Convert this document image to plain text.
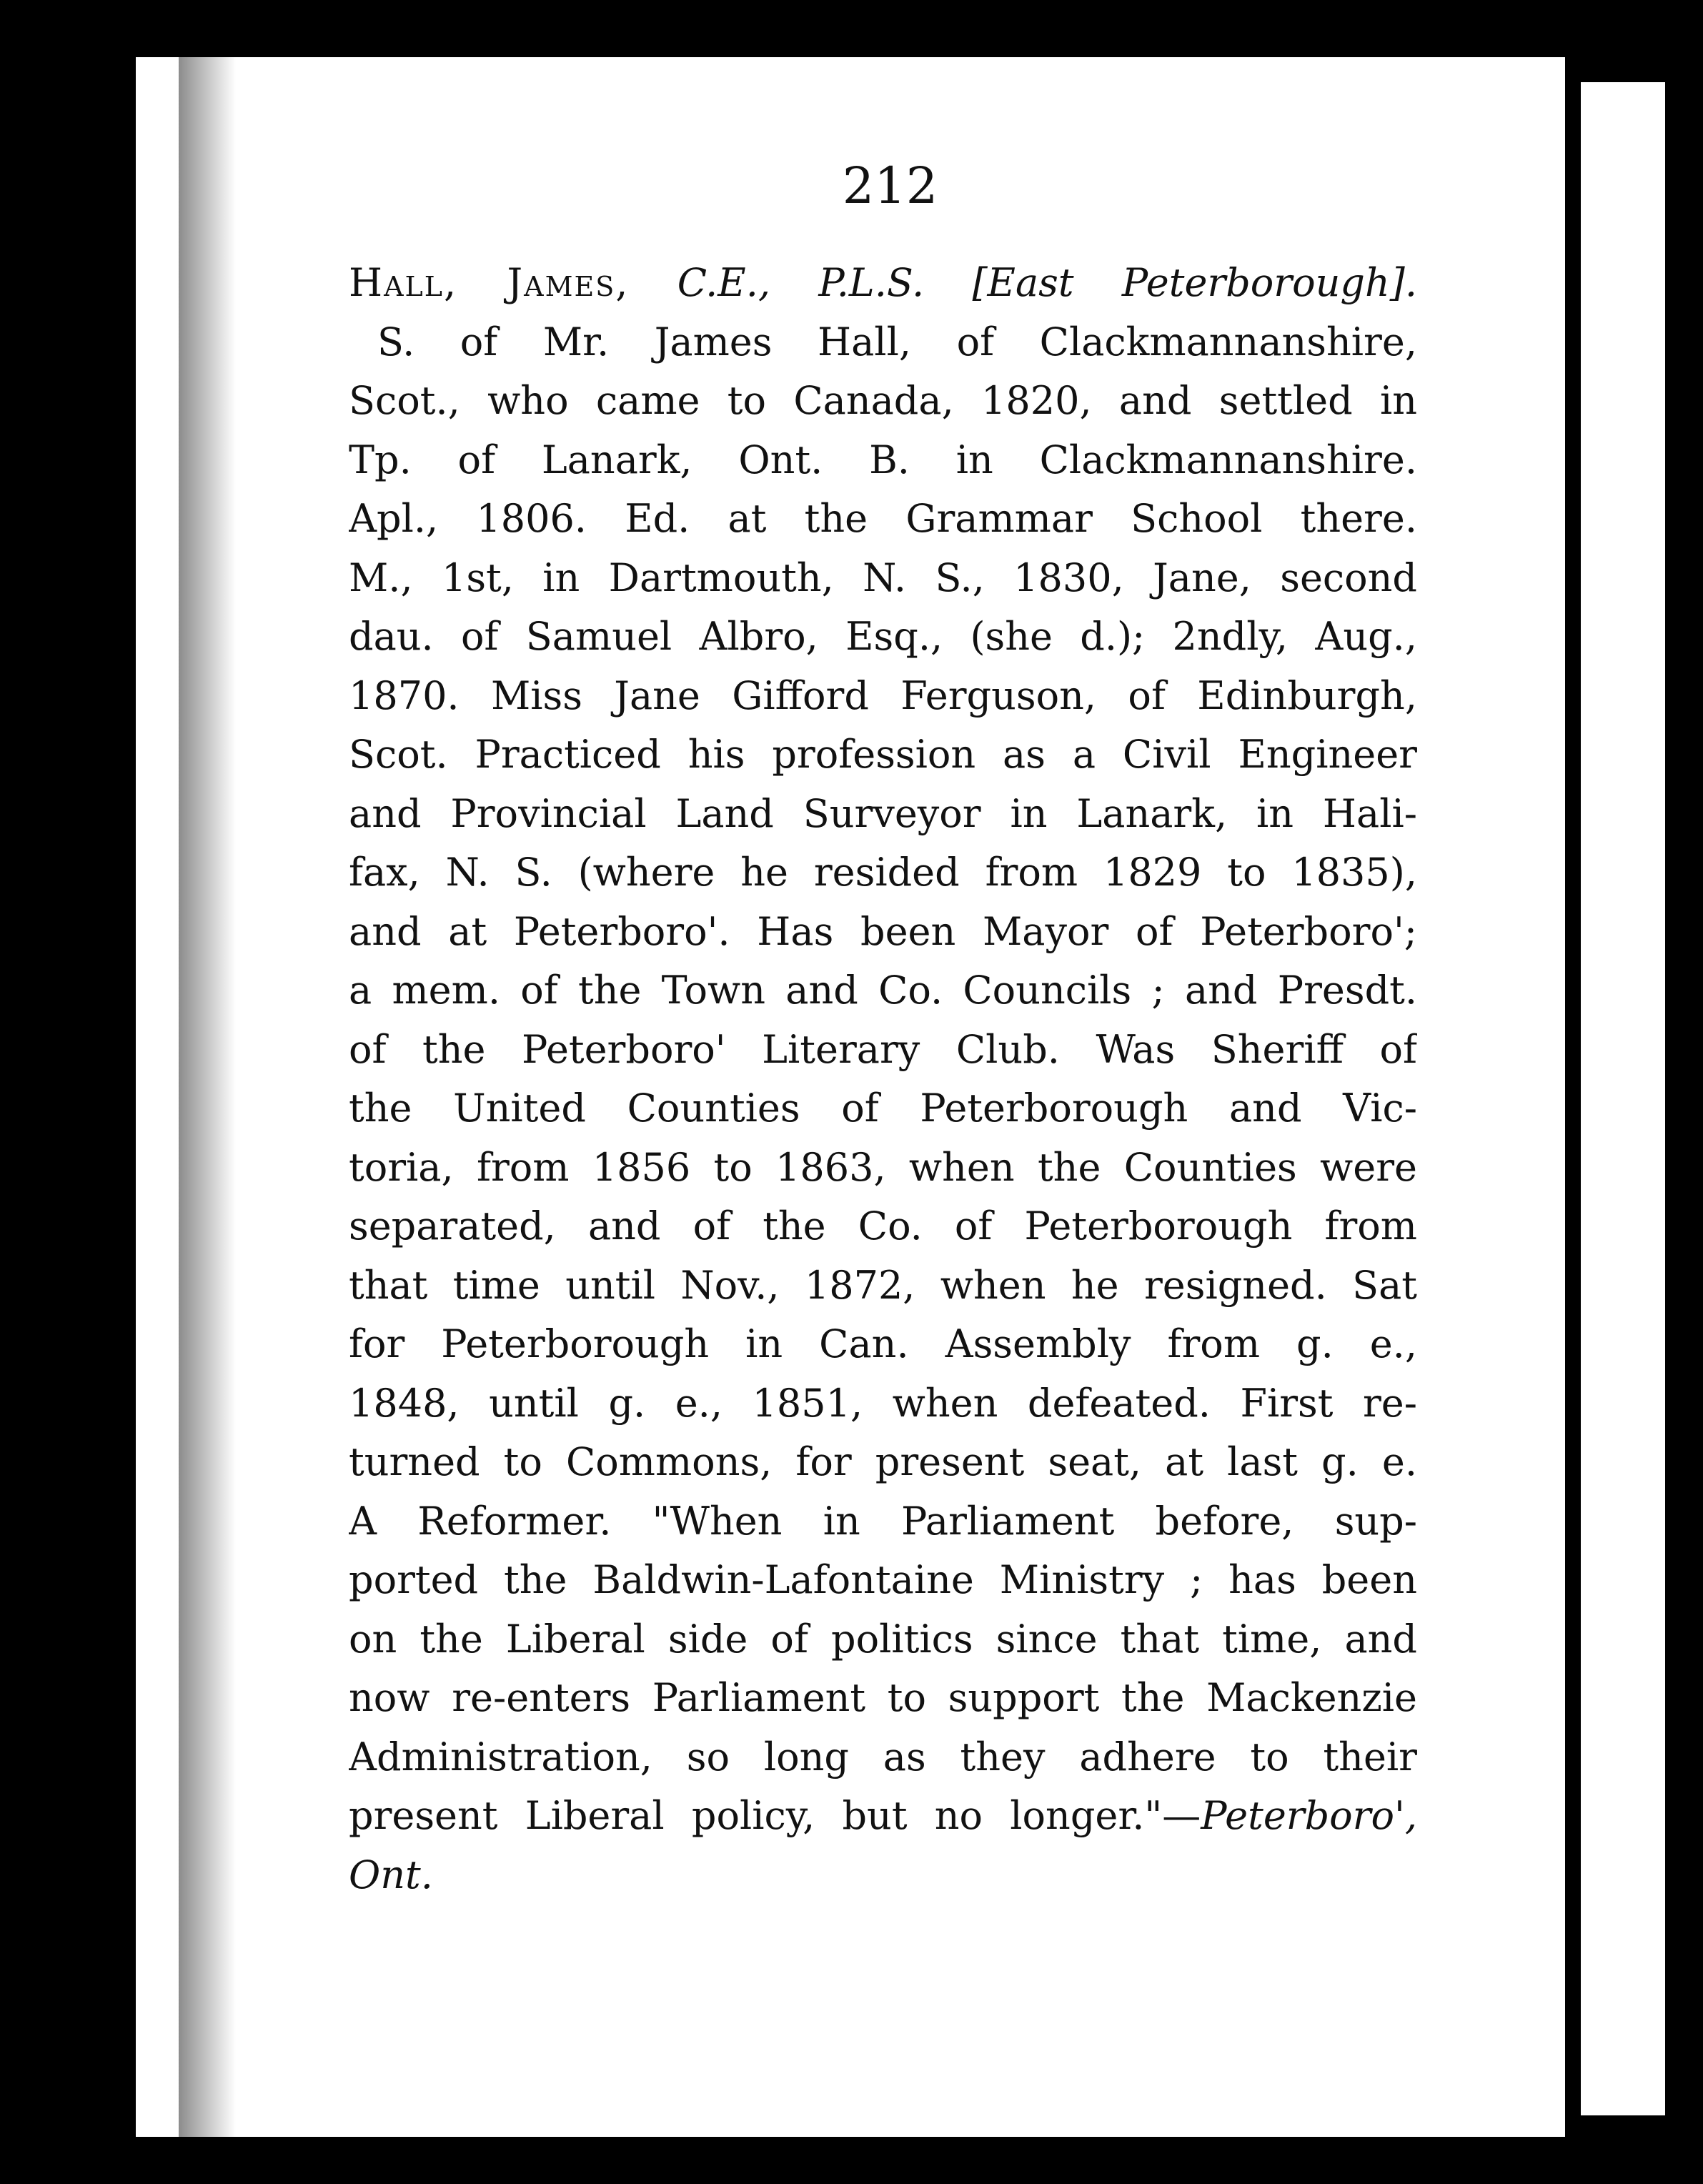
212
Hall, James, C.E., P.L.S. [East Peterborough].
S. of Mr. James Hall, of Clackmannanshire,
Scot., who came to Canada, 1820, and settled in
Tp. of Lanark, Ont. B. in Clackmannanshire.
Apl., 1806. Ed. at the Grammar School there.
M., 1st, in Dartmouth, N. S., 1830, Jane, second
dau. of Samuel Albro, Esq., (she d.); 2ndly, Aug.,
1870. Miss Jane Gifford Ferguson, of Edinburgh,
Scot. Practiced his profession as a Civil Engineer
and Provincial Land Surveyor in Lanark, in Hali-
fax, N. S. (where he resided from 1829 to 1835),
and at Peterboro'. Has been Mayor of Peterboro';
a mem. of the Town and Co. Councils ; and Presdt.
of the Peterboro' Literary Club. Was Sheriff of
the United Counties of Peterborough and Vic-
toria, from 1856 to 1863, when the Counties were
separated, and of the Co. of Peterborough from
that time until Nov., 1872, when he resigned. Sat
for Peterborough in Can. Assembly from g. e.,
1848, until g. e., 1851, when defeated. First re-
turned to Commons, for present seat, at last g. e.
A Reformer. "When in Parliament before, sup-
ported the Baldwin-Lafontaine Ministry ; has been
on the Liberal side of politics since that time, and
now re-enters Parliament to support the Mackenzie
Administration, so long as they adhere to their
present Liberal policy, but no longer."—Peterboro',
Ont.
